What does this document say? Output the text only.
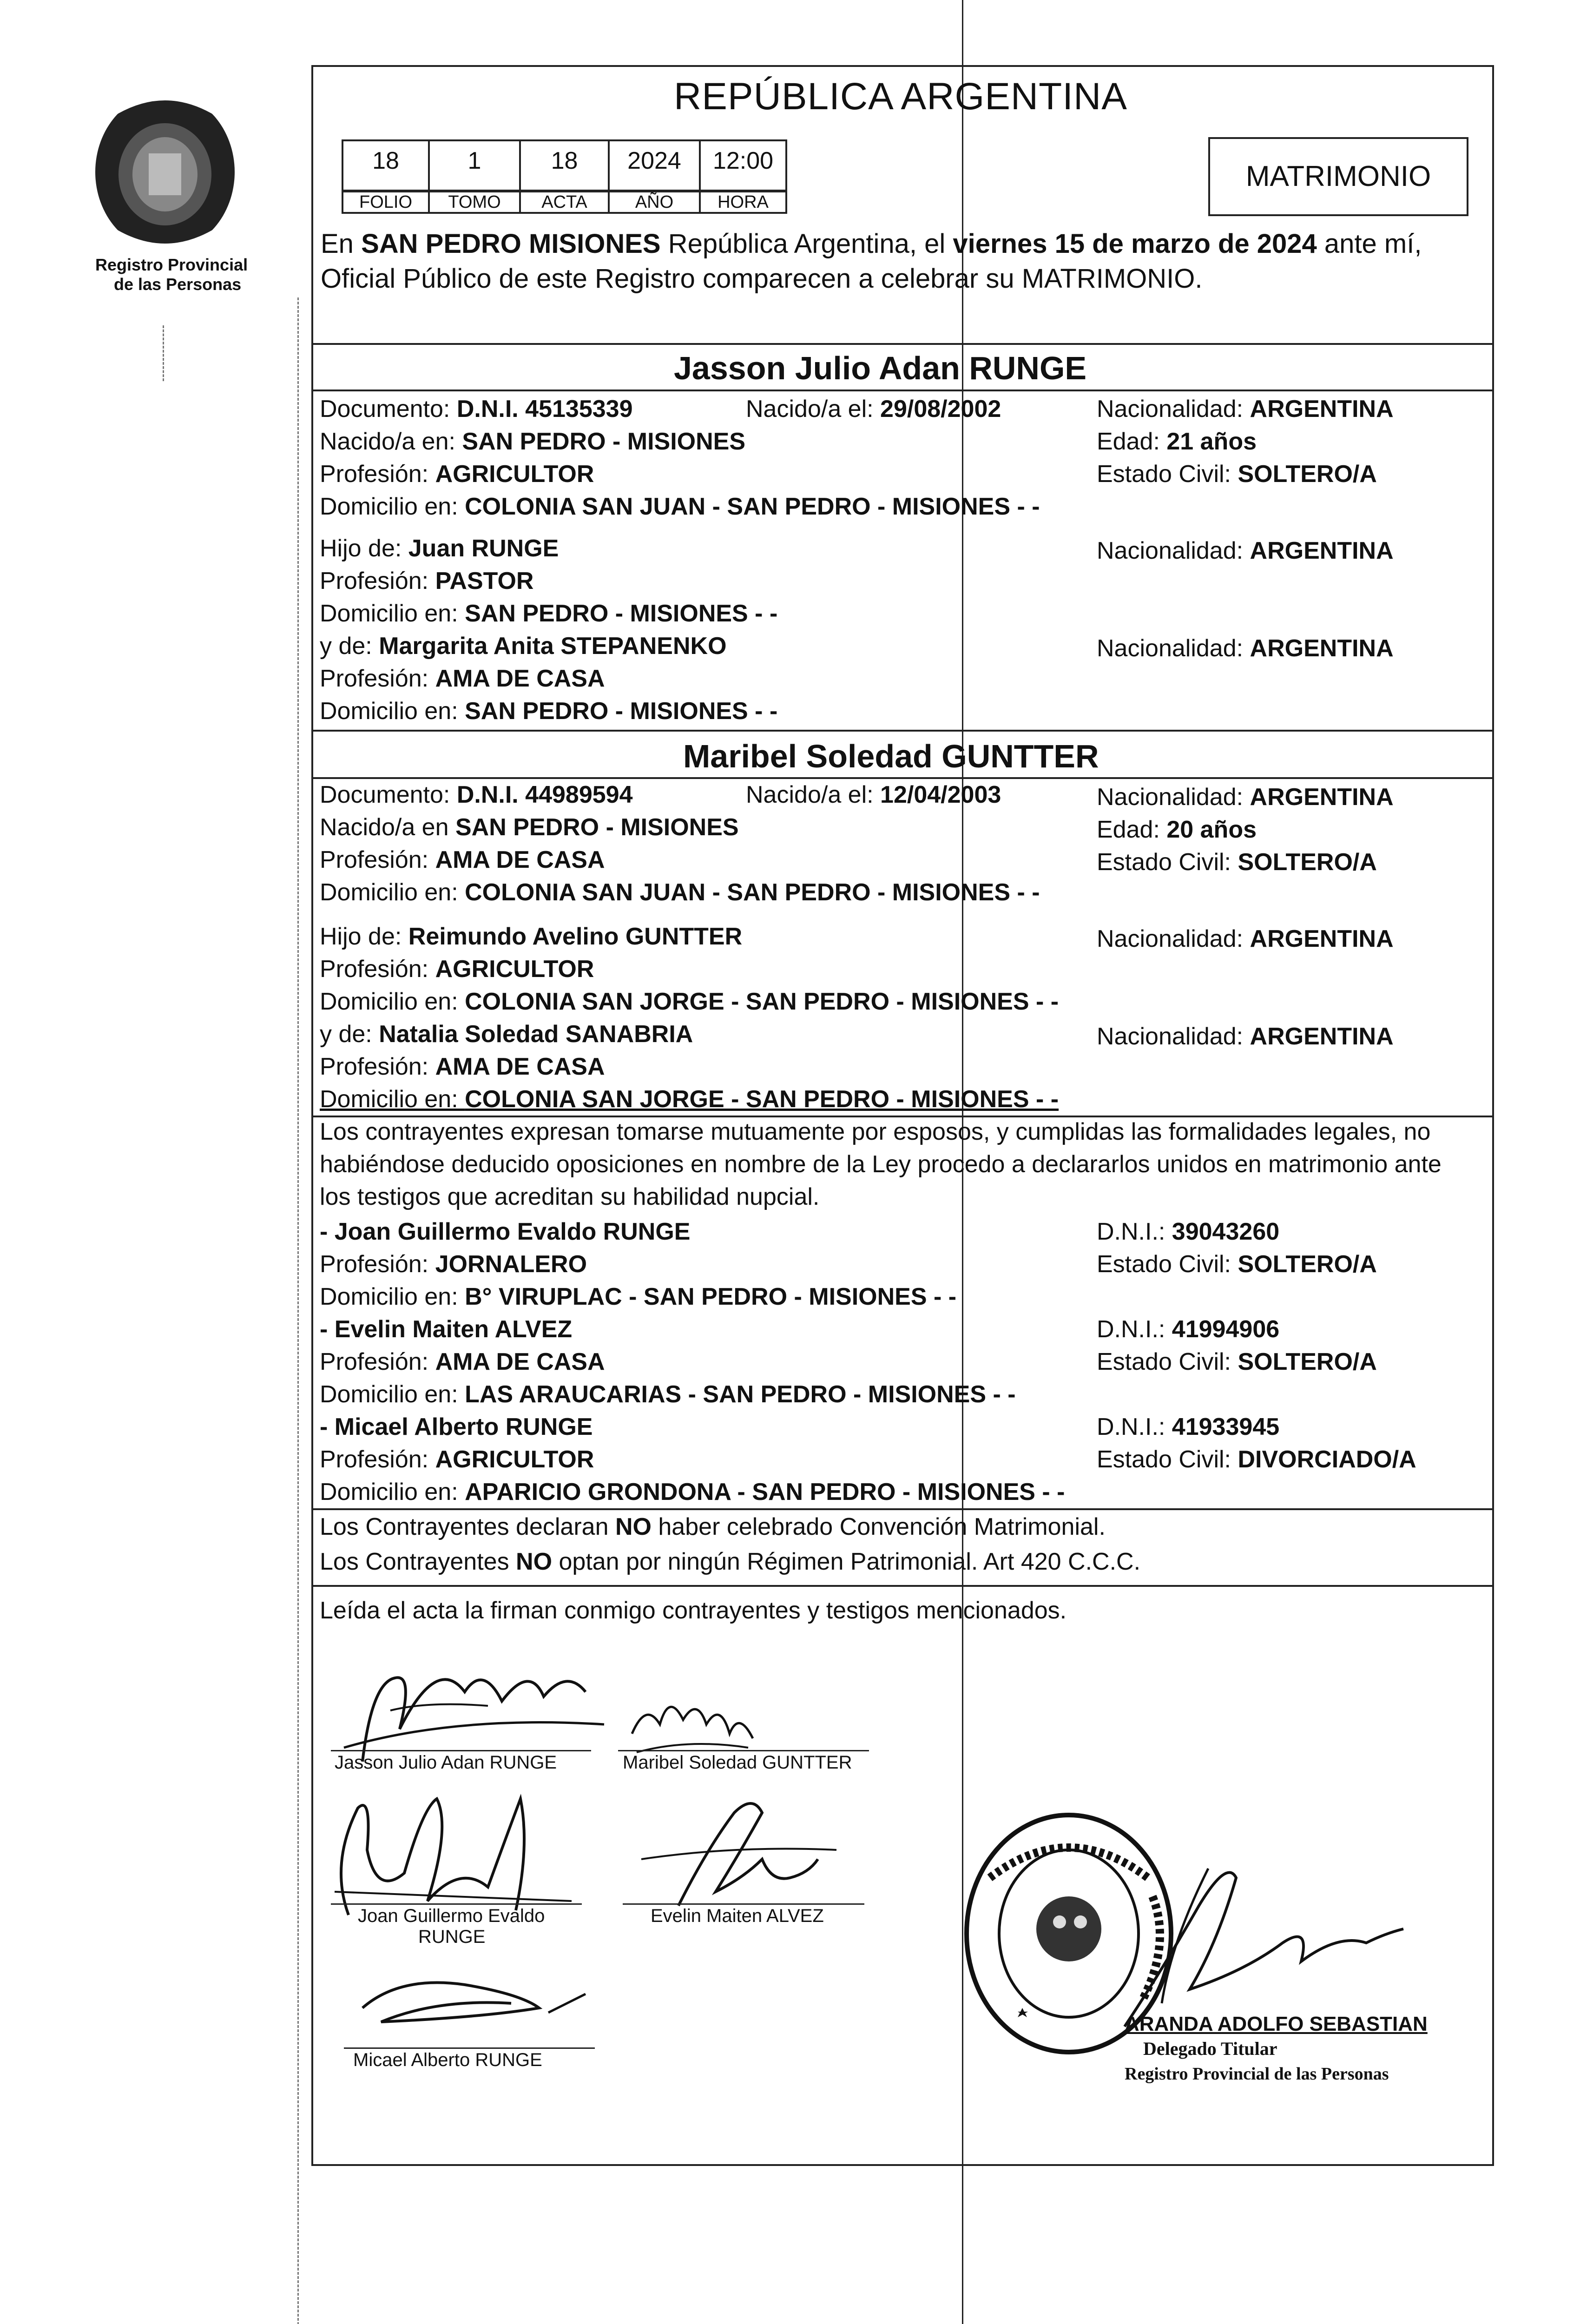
Registro Provincial
de las Personas
REPÚBLICA ARGENTINA
18	1	18	2024	12:00
FOLIO	TOMO	ACTA	AÑO	HORA
MATRIMONIO
En SAN PEDRO MISIONES República Argentina, el viernes 15 de marzo de 2024 ante mí,
Oficial Público de este Registro comparecen a celebrar su MATRIMONIO.
Jasson Julio Adan RUNGE
Documento: D.N.I. 45135339	Nacido/a el: 29/08/2002	Nacionalidad: ARGENTINA
Nacido/a en: SAN PEDRO - MISIONES	Edad: 21 años
Profesión: AGRICULTOR	Estado Civil: SOLTERO/A
Domicilio en: COLONIA SAN JUAN - SAN PEDRO - MISIONES - -
Hijo de: Juan RUNGE	Nacionalidad: ARGENTINA
Profesión: PASTOR
Domicilio en: SAN PEDRO - MISIONES - -
y de: Margarita Anita STEPANENKO	Nacionalidad: ARGENTINA
Profesión: AMA DE CASA
Domicilio en: SAN PEDRO - MISIONES - -
Maribel Soledad GUNTTER
Documento: D.N.I. 44989594	Nacido/a el: 12/04/2003	Nacionalidad: ARGENTINA
Nacido/a en SAN PEDRO - MISIONES	Edad: 20 años
Profesión: AMA DE CASA	Estado Civil: SOLTERO/A
Domicilio en: COLONIA SAN JUAN - SAN PEDRO - MISIONES - -
Hijo de: Reimundo Avelino GUNTTER	Nacionalidad: ARGENTINA
Profesión: AGRICULTOR
Domicilio en: COLONIA SAN JORGE - SAN PEDRO - MISIONES - -
y de: Natalia Soledad SANABRIA	Nacionalidad: ARGENTINA
Profesión: AMA DE CASA
Domicilio en: COLONIA SAN JORGE - SAN PEDRO - MISIONES - -
Los contrayentes expresan tomarse mutuamente por esposos, y cumplidas las formalidades legales, no
habiéndose deducido oposiciones en nombre de la Ley procedo a declararlos unidos en matrimonio ante
los testigos que acreditan su habilidad nupcial.
- Joan Guillermo Evaldo RUNGE	D.N.I.: 39043260
Profesión: JORNALERO	Estado Civil: SOLTERO/A
Domicilio en: B° VIRUPLAC - SAN PEDRO - MISIONES - -
- Evelin Maiten ALVEZ	D.N.I.: 41994906
Profesión: AMA DE CASA	Estado Civil: SOLTERO/A
Domicilio en: LAS ARAUCARIAS - SAN PEDRO - MISIONES - -
- Micael Alberto RUNGE	D.N.I.: 41933945
Profesión: AGRICULTOR	Estado Civil: DIVORCIADO/A
Domicilio en: APARICIO GRONDONA - SAN PEDRO - MISIONES - -
Los Contrayentes declaran NO haber celebrado Convención Matrimonial.
Los Contrayentes NO optan por ningún Régimen Patrimonial. Art 420 C.C.C.
Leída el acta la firman conmigo contrayentes y testigos mencionados.
Jasson Julio Adan RUNGE	Maribel Soledad GUNTTER
Joan Guillermo Evaldo
RUNGE
Evelin Maiten ALVEZ
Micael Alberto RUNGE
ARANDA ADOLFO SEBASTIAN
Delegado Titular
Registro Provincial de las Personas
